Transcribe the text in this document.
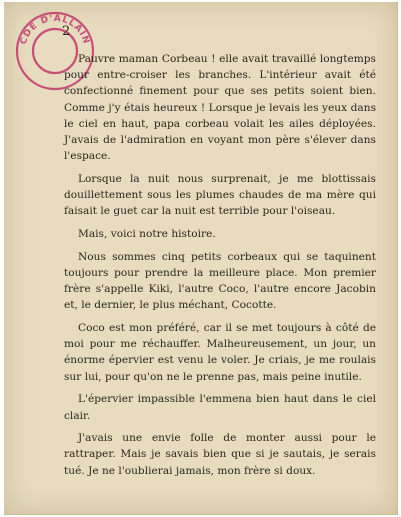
CDE D'ALLAIN
2

Pauvre maman Corbeau ! elle avait travaillé longtemps pour entre-croiser les branches. L'intérieur avait été confectionné finement pour que ses petits soient bien. Comme j'y étais heureux ! Lorsque je levais les yeux dans le ciel en haut, papa corbeau volait les ailes déployées. J'avais de l'admiration en voyant mon père s'élever dans l'espace.

Lorsque la nuit nous surprenait, je me blottissais douillettement sous les plumes chaudes de ma mère qui faisait le guet car la nuit est terrible pour l'oiseau.

Mais, voici notre histoire.

Nous sommes cinq petits corbeaux qui se taquinent toujours pour prendre la meilleure place. Mon premier frère s'appelle Kiki, l'autre Coco, l'autre encore Jacobin et, le dernier, le plus méchant, Cocotte.

Coco est mon préféré, car il se met toujours à côté de moi pour me réchauffer. Malheureusement, un jour, un énorme épervier est venu le voler. Je criais, je me roulais sur lui, pour qu'on ne le prenne pas, mais peine inutile.

L'épervier impassible l'emmena bien haut dans le ciel clair.

J'avais une envie folle de monter aussi pour le rattraper. Mais je savais bien que si je sautais, je serais tué. Je ne l'oublierai jamais, mon frère si doux.
